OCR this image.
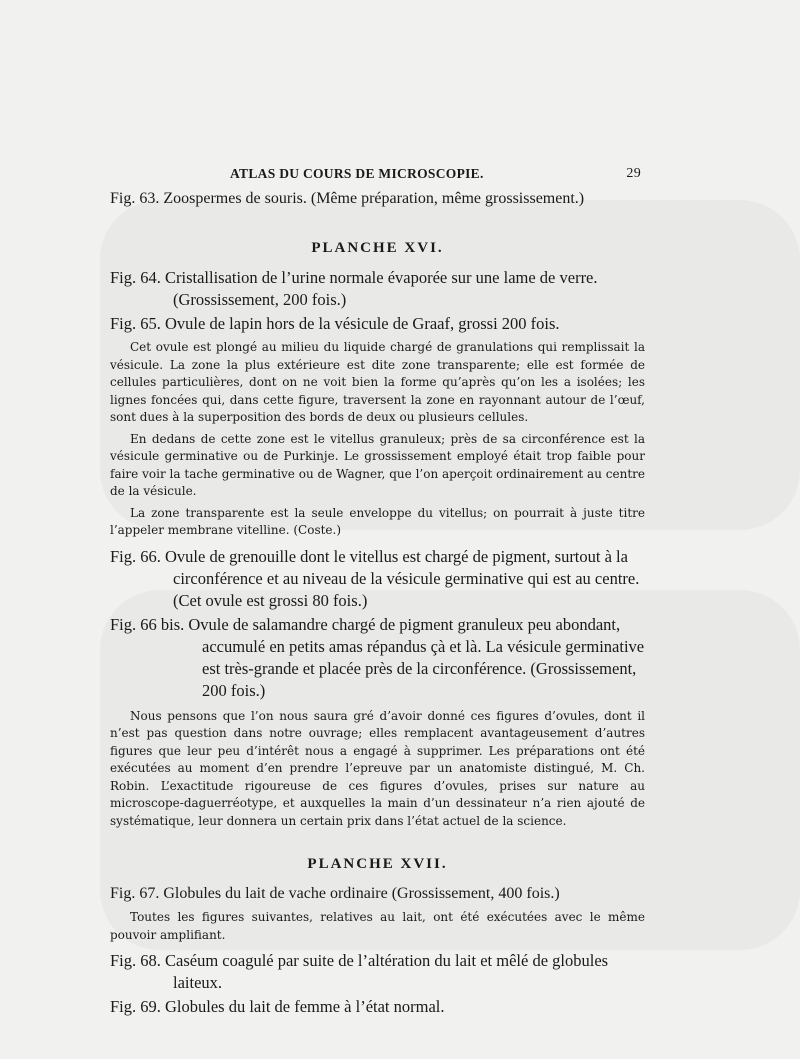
ATLAS DU COURS DE MICROSCOPIE.	29

Fig. 63. Zoospermes de souris. (Même préparation, même grossissement.)

PLANCHE XVI.

Fig. 64. Cristallisation de l’urine normale évaporée sur une lame de verre. (Grossissement, 200 fois.)

Fig. 65. Ovule de lapin hors de la vésicule de Graaf, grossi 200 fois.

Cet ovule est plongé au milieu du liquide chargé de granulations qui remplissait la vésicule. La zone la plus extérieure est dite zone transparente; elle est formée de cellules particulières, dont on ne voit bien la forme qu’après qu’on les a isolées; les lignes foncées qui, dans cette figure, traversent la zone en rayonnant autour de l’œuf, sont dues à la superposition des bords de deux ou plusieurs cellules.

En dedans de cette zone est le vitellus granuleux; près de sa circonférence est la vésicule germinative ou de Purkinje. Le grossissement employé était trop faible pour faire voir la tache germinative ou de Wagner, que l’on aperçoit ordinairement au centre de la vésicule.

La zone transparente est la seule enveloppe du vitellus; on pourrait à juste titre l’appeler membrane vitelline. (Coste.)

Fig. 66. Ovule de grenouille dont le vitellus est chargé de pigment, surtout à la circonférence et au niveau de la vésicule germinative qui est au centre. (Cet ovule est grossi 80 fois.)

Fig. 66 bis. Ovule de salamandre chargé de pigment granuleux peu abondant, accumulé en petits amas répandus çà et là. La vésicule germinative est très-grande et placée près de la circonférence. (Grossissement, 200 fois.)

Nous pensons que l’on nous saura gré d’avoir donné ces figures d’ovules, dont il n’est pas question dans notre ouvrage; elles remplacent avantageusement d’autres figures que leur peu d’intérêt nous a engagé à supprimer. Les préparations ont été exécutées au moment d’en prendre l’epreuve par un anatomiste distingué, M. Ch. Robin. L’exactitude rigoureuse de ces figures d’ovules, prises sur nature au microscope-daguerréotype, et auxquelles la main d’un dessinateur n’a rien ajouté de systématique, leur donnera un certain prix dans l’état actuel de la science.

PLANCHE XVII.

Fig. 67. Globules du lait de vache ordinaire (Grossissement, 400 fois.)

Toutes les figures suivantes, relatives au lait, ont été exécutées avec le même pouvoir amplifiant.

Fig. 68. Caséum coagulé par suite de l’altération du lait et mêlé de globules laiteux.

Fig. 69. Globules du lait de femme à l’état normal.
